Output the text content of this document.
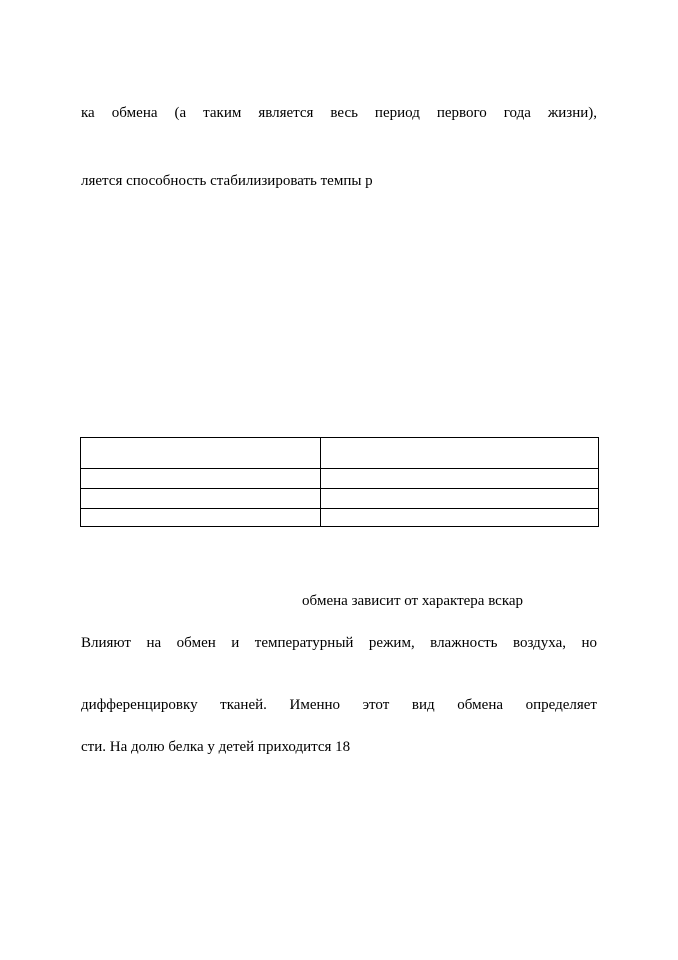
ка обмена (а таким является весь период первого года жизни),
ляется способность стабилизировать темпы р

обмена зависит от характера вскар
Влияют на обмен и температурный режим, влажность воздуха, но
дифференцировку тканей. Именно этот вид обмена определяет
сти. На долю белка у детей приходится 18
